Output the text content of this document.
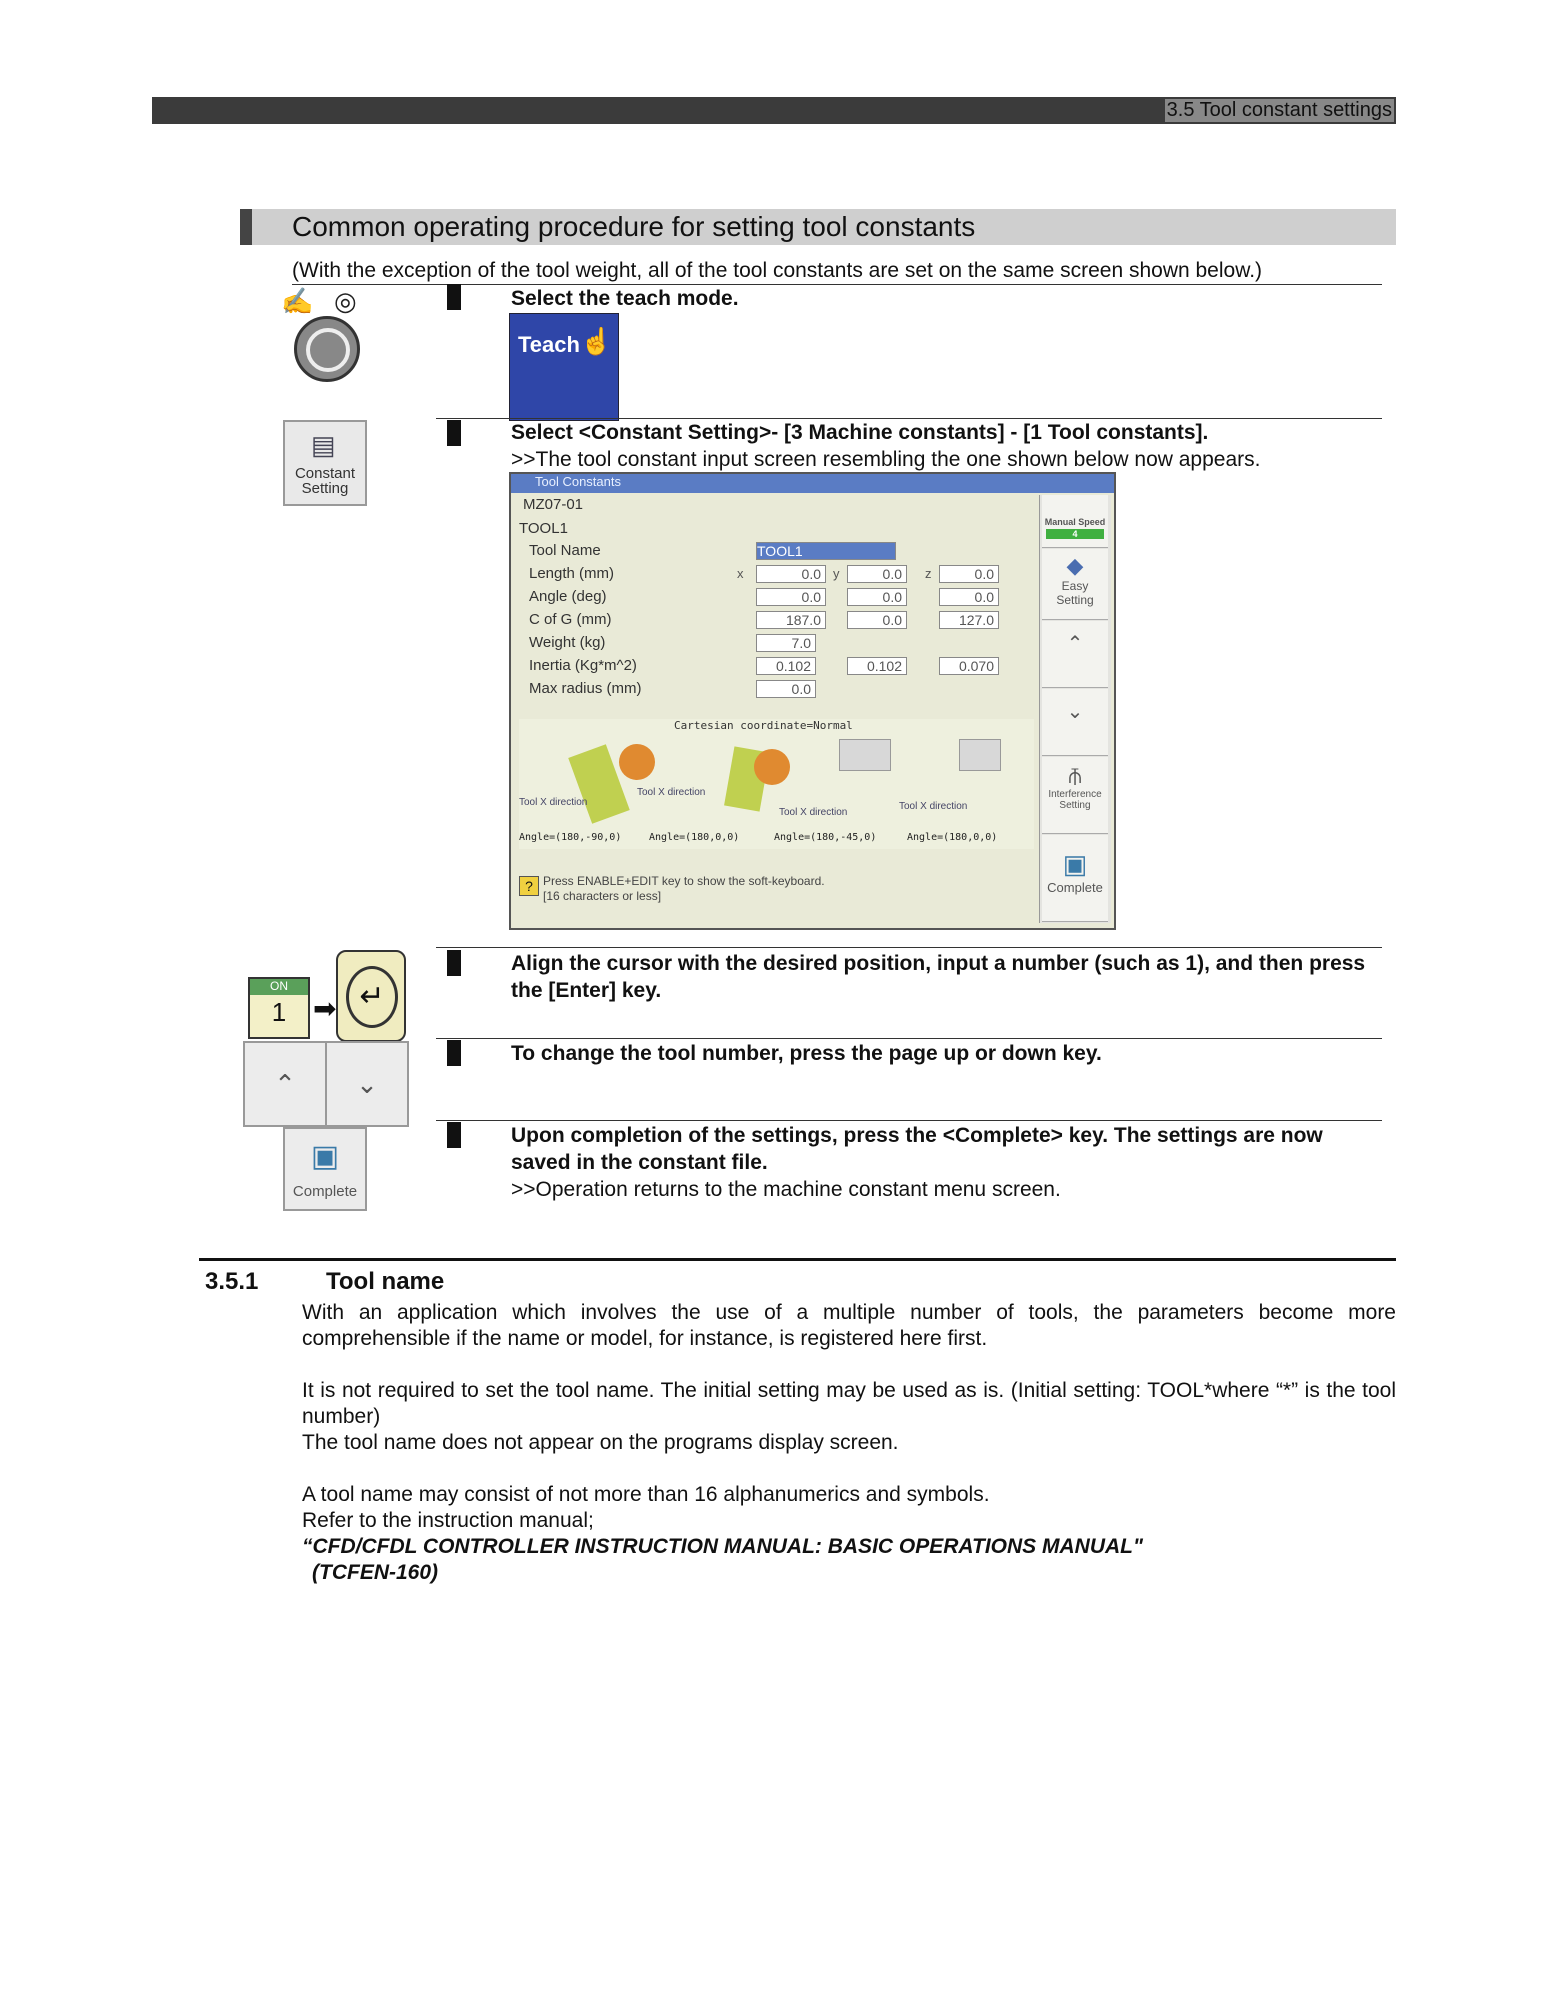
3.5 Tool constant settings
Common operating procedure for setting tool constants
(With the exception of the tool weight, all of the tool constants are set on the same screen shown below.)
✍ ◎	Select the teach mode.
Teach ☝
Select <Constant Setting>- [3 Machine constants] - [1 Tool constants].
>>The tool constant input screen resembling the one shown below now appears.
▤
Constant Setting	Tool Constants
MZ07-01
TOOL1
Tool Name	TOOL1
Length (mm)	x	0.0 y	0.0	z	0.0
Angle (deg)	0.0	0.0	0.0
C of G (mm)	187.0	0.0	127.0
Weight (kg)	7.0
Inertia (Kg*m^2)	0.102	0.102	0.070
Max radius (mm)	0.0
Cartesian coordinate=Normal
Tool X direction
Tool X direction
Tool X direction
Tool X direction
Angle=(180,-90,0)	Angle=(180,0,0)	Angle=(180,-45,0)	Angle=(180,0,0)
? Press ENABLE+EDIT key to show the soft-keyboard.
[16 characters or less]
Manual Speed
4
◆
Easy Setting
⌃
⌄
⫚
Interference Setting
▣
Complete
Align the cursor with the desired position, input a number (such as 1), and then press the [Enter] key.
ON
1 ➡ ↵
To change the tool number, press the page up or down key.
⌃	⌄
Upon completion of the settings, press the <Complete> key. The settings are now saved in the constant file.
>>Operation returns to the machine constant menu screen.
▣
Complete
3.5.1	Tool name
With an application which involves the use of a multiple number of tools, the parameters become more comprehensible if the name or model, for instance, is registered here first.
It is not required to set the tool name. The initial setting may be used as is. (Initial setting: TOOL*where “*” is the tool number)
The tool name does not appear on the programs display screen.
A tool name may consist of not more than 16 alphanumerics and symbols.
Refer to the instruction manual;
“CFD/CFDL CONTROLLER INSTRUCTION MANUAL: BASIC OPERATIONS MANUAL"
(TCFEN-160)
